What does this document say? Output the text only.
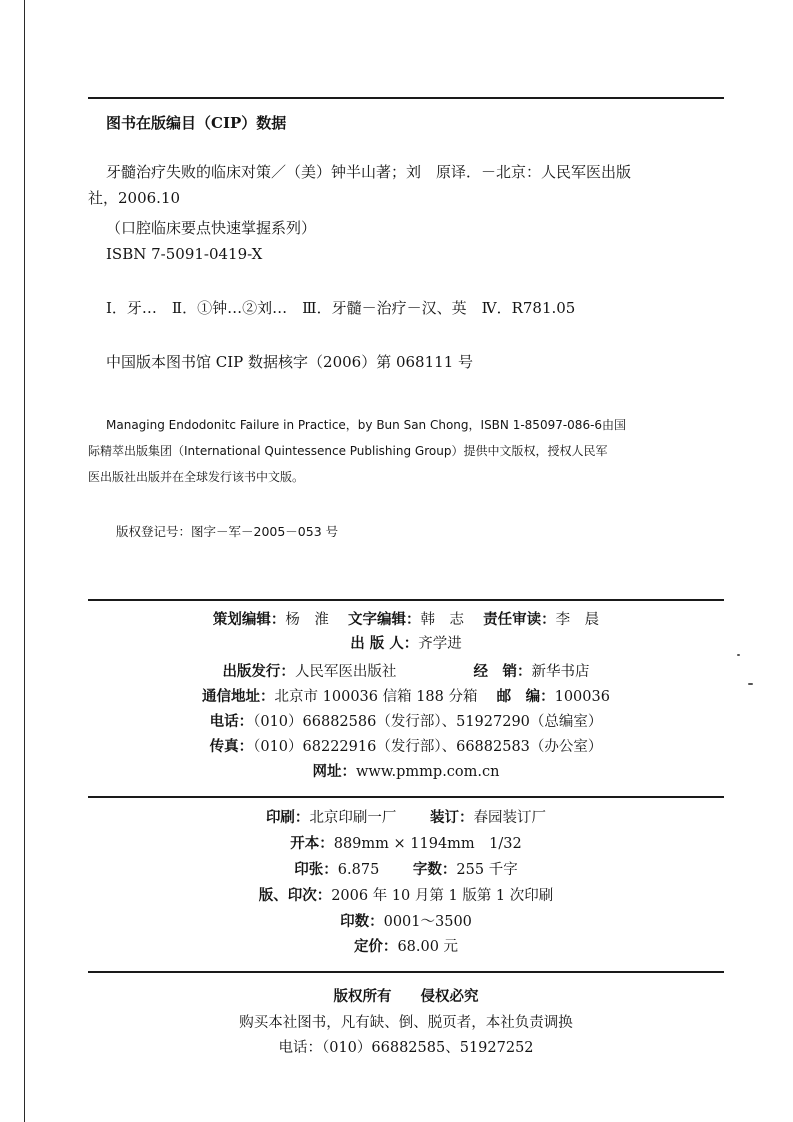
图书在版编目（CIP）数据
牙髓治疗失败的临床对策／（美）钟半山著；刘　原译．－北京：人民军医出版
社，2006.10
（口腔临床要点快速掌握系列）
ISBN 7-5091-0419-X
Ⅰ．牙…　Ⅱ．①钟…②刘…　Ⅲ．牙髓－治疗－汉、英　Ⅳ．R781.05
中国版本图书馆 CIP 数据核字（2006）第 068111 号
Managing Endodonitc Failure in Practice，by Bun San Chong，ISBN 1-85097-086-6由国
际精萃出版集团（International Quintessence Publishing Group）提供中文版权，授权人民军
医出版社出版并在全球发行该书中文版。
版权登记号：图字－军－2005－053 号
策划编辑：杨　淮　 文字编辑：韩　志　 责任审读：李　晨
出 版 人：齐学进
出版发行：人民军医出版社　　　　　	经　销：新华书店
通信地址：北京市 100036 信箱 188 分箱　 邮　编：100036
电话：（010）66882586（发行部）、51927290（总编室）
传真：（010）68222916（发行部）、66882583（办公室）
网址：www.pmmp.com.cn
印刷：北京印刷一厂　　 装订：春园装订厂
开本：889mm × 1194mm　1/32
印张：6.875　　 字数：255 千字
版、印次：2006 年 10 月第 1 版第 1 次印刷
印数：0001～3500
定价：68.00 元
版权所有　　侵权必究
购买本社图书，凡有缺、倒、脱页者，本社负责调换
电话：（010）66882585、51927252
